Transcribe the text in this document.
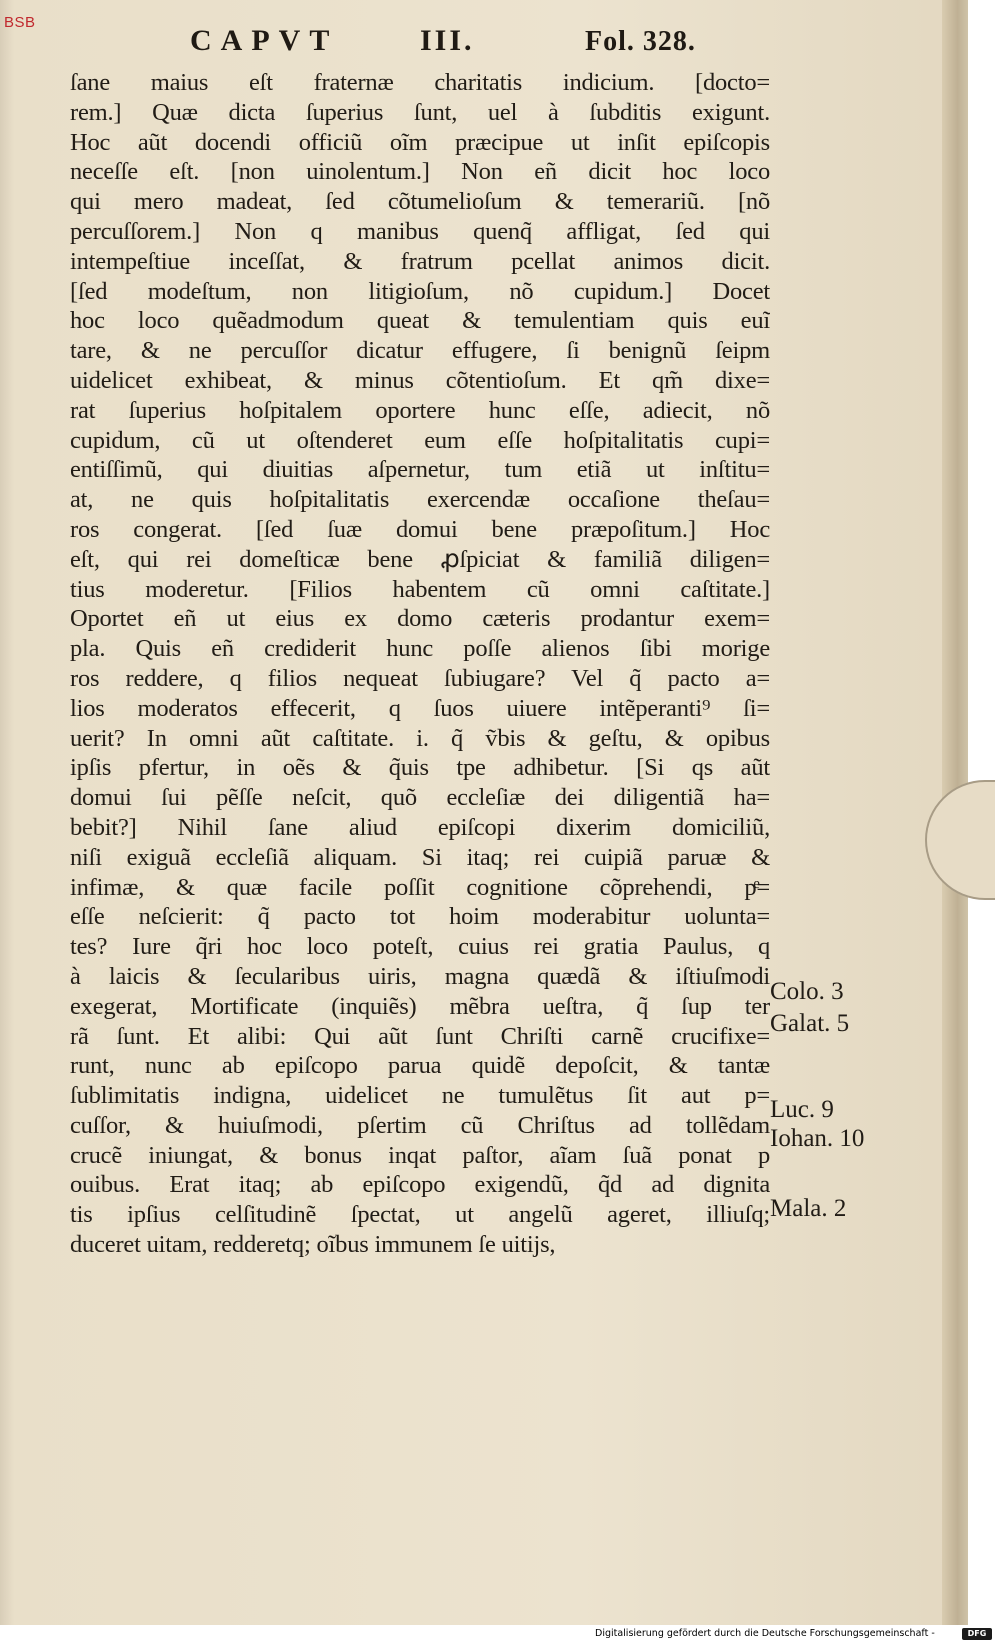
BSB
CAPVT	III.	Fol. 328.
ſane maius eſt fraternæ charitatis indicium. [docto=
rem.] Quæ dicta ſuperius ſunt, uel à ſubditis exigunt.
Hoc aũt docendi officiũ oĩm præcipue ut inſit epiſcopis
neceſſe eſt. [non uinolentum.] Non eñ dicit hoc loco
qui mero madeat, ſed cõtumelioſum & temerariũ. [nõ
percuſſorem.] Non q manibus quenq̃ affligat, ſed qui
intempeſtiue inceſſat, & fratrum pcellat animos dicit.
[ſed modeſtum, non litigioſum, nõ cupidum.] Docet
hoc loco quẽadmodum queat & temulentiam quis euĩ
tare, & ne percuſſor dicatur effugere, ſi benignũ ſeipm
uidelicet exhibeat, & minus cõtentioſum. Et qm̃ dixe=
rat ſuperius hoſpitalem oportere hunc eſſe, adiecit, nõ
cupidum, cũ ut oſtenderet eum eſſe hoſpitalitatis cupi=
entiſſimũ, qui diuitias aſpernetur, tum etiã ut inſtitu=
at, ne quis hoſpitalitatis exercendæ occaſione theſau=
ros congerat. [ſed ſuæ domui bene præpoſitum.] Hoc
eſt, qui rei domeſticæ bene ꝓſpiciat & familiã diligen=
tius moderetur. [Filios habentem cũ omni caſtitate.]
Oportet eñ ut eius ex domo cæteris prodantur exem=
pla. Quis eñ crediderit hunc poſſe alienos ſibi morige
ros reddere, q filios nequeat ſubiugare? Vel q̃ pacto a=
lios moderatos effecerit, q ſuos uiuere intẽperanti⁹ ſi=
uerit? In omni aũt caſtitate. i. q̃ ṽbis & geſtu, & opibus
ipſis pfertur, in oẽs & q̃uis tpe adhibetur. [Si qs aũt
domui ſui pẽſſe neſcit, quõ eccleſiæ dei diligentiã ha=
bebit?] Nihil ſane aliud epiſcopi dixerim domiciliũ,
niſi exiguã eccleſiã aliquam. Si itaq; rei cuipiã paruæ &
infimæ, & quæ facile poſſit cognitione cõprehendi, pͤ=
eſſe neſcierit: q̃ pacto tot hoim moderabitur uolunta=
tes? Iure q̃ri hoc loco poteſt, cuius rei gratia Paulus, q
à laicis & ſecularibus uiris, magna quædã & iſtiuſmodi
exegerat, Mortificate (inquiẽs) mẽbra ueſtra, q̃ ſup ter
rã ſunt. Et alibi: Qui aũt ſunt Chriſti carnẽ crucifixe=
runt, nunc ab epiſcopo parua quidẽ depoſcit, & tantæ
ſublimitatis indigna, uidelicet ne tumulẽtus ſit aut p=
cuſſor, & huiuſmodi, pſertim cũ Chriſtus ad tollẽdam
crucẽ iniungat, & bonus inqat paſtor, aĩam ſuã ponat p
ouibus. Erat itaq; ab epiſcopo exigendũ, q̃d ad dignita
tis ipſius celſitudinẽ ſpectat, ut angelũ ageret, illiuſq;
duceret uitam, redderetq; oĩbus immunem ſe uitijs,
Colo. 3
Galat. 5
Luc. 9
Iohan. 10
Mala. 2
Digitalisierung gefördert durch die Deutsche Forschungsgemeinschaft -	DFG
